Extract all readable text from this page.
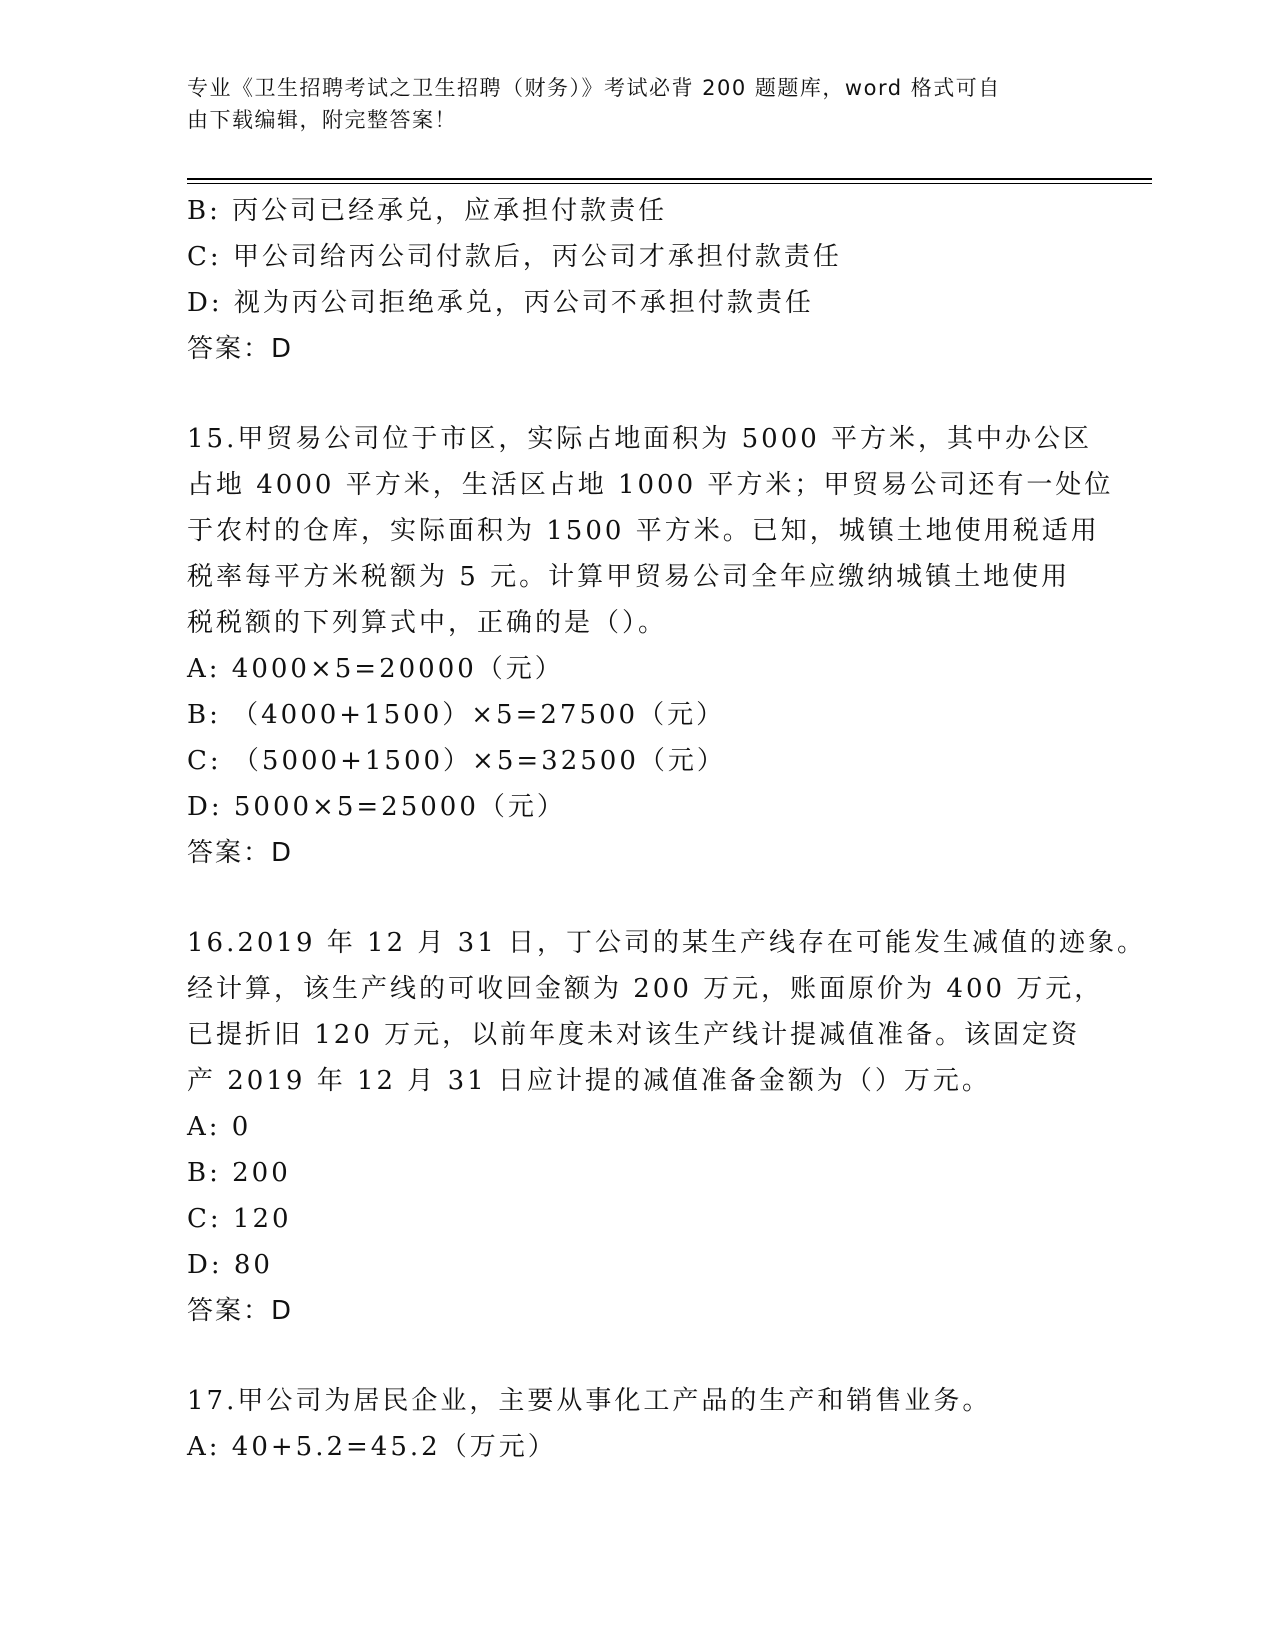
专业《卫生招聘考试之卫生招聘（财务）》考试必背 200 题题库，word 格式可自
由下载编辑，附完整答案！
B: 丙公司已经承兑，应承担付款责任
C: 甲公司给丙公司付款后，丙公司才承担付款责任
D: 视为丙公司拒绝承兑，丙公司不承担付款责任
答案：D
15.甲贸易公司位于市区，实际占地面积为 5000 平方米，其中办公区
占地 4000 平方米，生活区占地 1000 平方米；甲贸易公司还有一处位
于农村的仓库，实际面积为 1500 平方米。已知，城镇土地使用税适用
税率每平方米税额为 5 元。计算甲贸易公司全年应缴纳城镇土地使用
税税额的下列算式中，正确的是（）。
A: 4000×5=20000（元）
B: （4000+1500）×5=27500（元）
C: （5000+1500）×5=32500（元）
D: 5000×5=25000（元）
答案：D
16.2019 年 12 月 31 日，丁公司的某生产线存在可能发生减值的迹象。
经计算，该生产线的可收回金额为 200 万元，账面原价为 400 万元，
已提折旧 120 万元，以前年度未对该生产线计提减值准备。该固定资
产 2019 年 12 月 31 日应计提的减值准备金额为（）万元。
A: 0
B: 200
C: 120
D: 80
答案：D
17.甲公司为居民企业，主要从事化工产品的生产和销售业务。
A: 40+5.2=45.2（万元）
